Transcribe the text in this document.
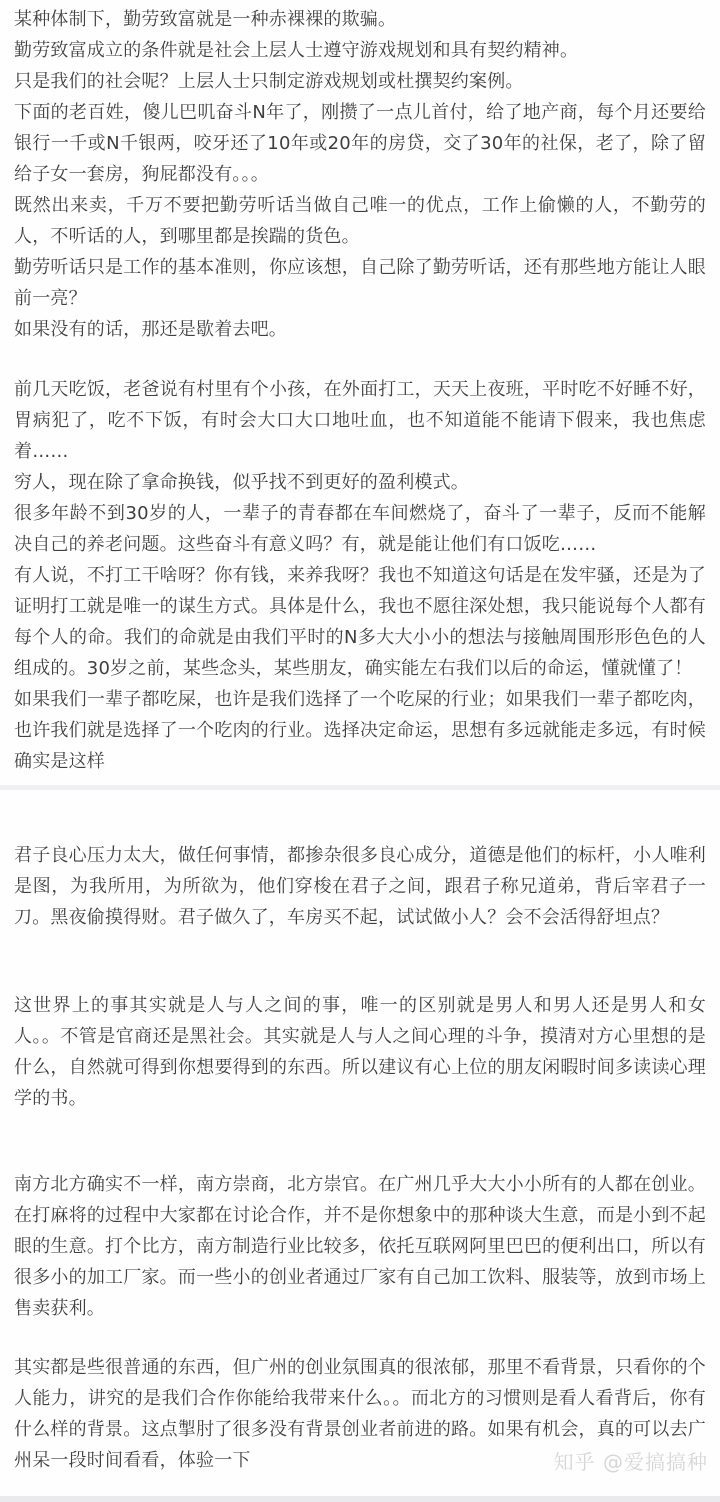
某种体制下，勤劳致富就是一种赤裸裸的欺骗。

勤劳致富成立的条件就是社会上层人士遵守游戏规划和具有契约精神。

只是我们的社会呢？上层人士只制定游戏规划或杜撰契约案例。

下面的老百姓，傻儿巴叽奋斗N年了，刚攒了一点儿首付，给了地产商，每个月还要给银行一千或N千银两，咬牙还了10年或20年的房贷，交了30年的社保，老了，除了留给子女一套房，狗屁都没有。。。

既然出来卖，千万不要把勤劳听话当做自己唯一的优点，工作上偷懒的人，不勤劳的人，不听话的人，到哪里都是挨踹的货色。

勤劳听话只是工作的基本准则，你应该想，自己除了勤劳听话，还有那些地方能让人眼前一亮？

如果没有的话，那还是歇着去吧。

前几天吃饭，老爸说有村里有个小孩，在外面打工，天天上夜班，平时吃不好睡不好，胃病犯了，吃不下饭，有时会大口大口地吐血，也不知道能不能请下假来，我也焦虑着……

穷人，现在除了拿命换钱，似乎找不到更好的盈利模式。

很多年龄不到30岁的人，一辈子的青春都在车间燃烧了，奋斗了一辈子，反而不能解决自己的养老问题。这些奋斗有意义吗？有，就是能让他们有口饭吃……

有人说，不打工干啥呀？你有钱，来养我呀？我也不知道这句话是在发牢骚，还是为了证明打工就是唯一的谋生方式。具体是什么，我也不愿往深处想，我只能说每个人都有每个人的命。我们的命就是由我们平时的N多大大小小的想法与接触周围形形色色的人组成的。30岁之前，某些念头，某些朋友，确实能左右我们以后的命运，懂就懂了！

如果我们一辈子都吃屎，也许是我们选择了一个吃屎的行业；如果我们一辈子都吃肉，也许我们就是选择了一个吃肉的行业。选择决定命运，思想有多远就能走多远，有时候确实是这样

君子良心压力太大，做任何事情，都掺杂很多良心成分，道德是他们的标杆，小人唯利是图，为我所用，为所欲为，他们穿梭在君子之间，跟君子称兄道弟，背后宰君子一刀。黑夜偷摸得财。君子做久了，车房买不起，试试做小人？会不会活得舒坦点？

这世界上的事其实就是人与人之间的事，唯一的区别就是男人和男人还是男人和女人。。不管是官商还是黑社会。其实就是人与人之间心理的斗争，摸清对方心里想的是什么，自然就可得到你想要得到的东西。所以建议有心上位的朋友闲暇时间多读读心理学的书。

南方北方确实不一样，南方崇商，北方崇官。在广州几乎大大小小所有的人都在创业。在打麻将的过程中大家都在讨论合作，并不是你想象中的那种谈大生意，而是小到不起眼的生意。打个比方，南方制造行业比较多，依托互联网阿里巴巴的便利出口，所以有很多小的加工厂家。而一些小的创业者通过厂家有自己加工饮料、服装等，放到市场上售卖获利。

其实都是些很普通的东西，但广州的创业氛围真的很浓郁，那里不看背景，只看你的个人能力，讲究的是我们合作你能给我带来什么。。而北方的习惯则是看人看背后，你有什么样的背景。这点掣肘了很多没有背景创业者前进的路。如果有机会，真的可以去广州呆一段时间看看，体验一下	知乎 @爱搞搞种
